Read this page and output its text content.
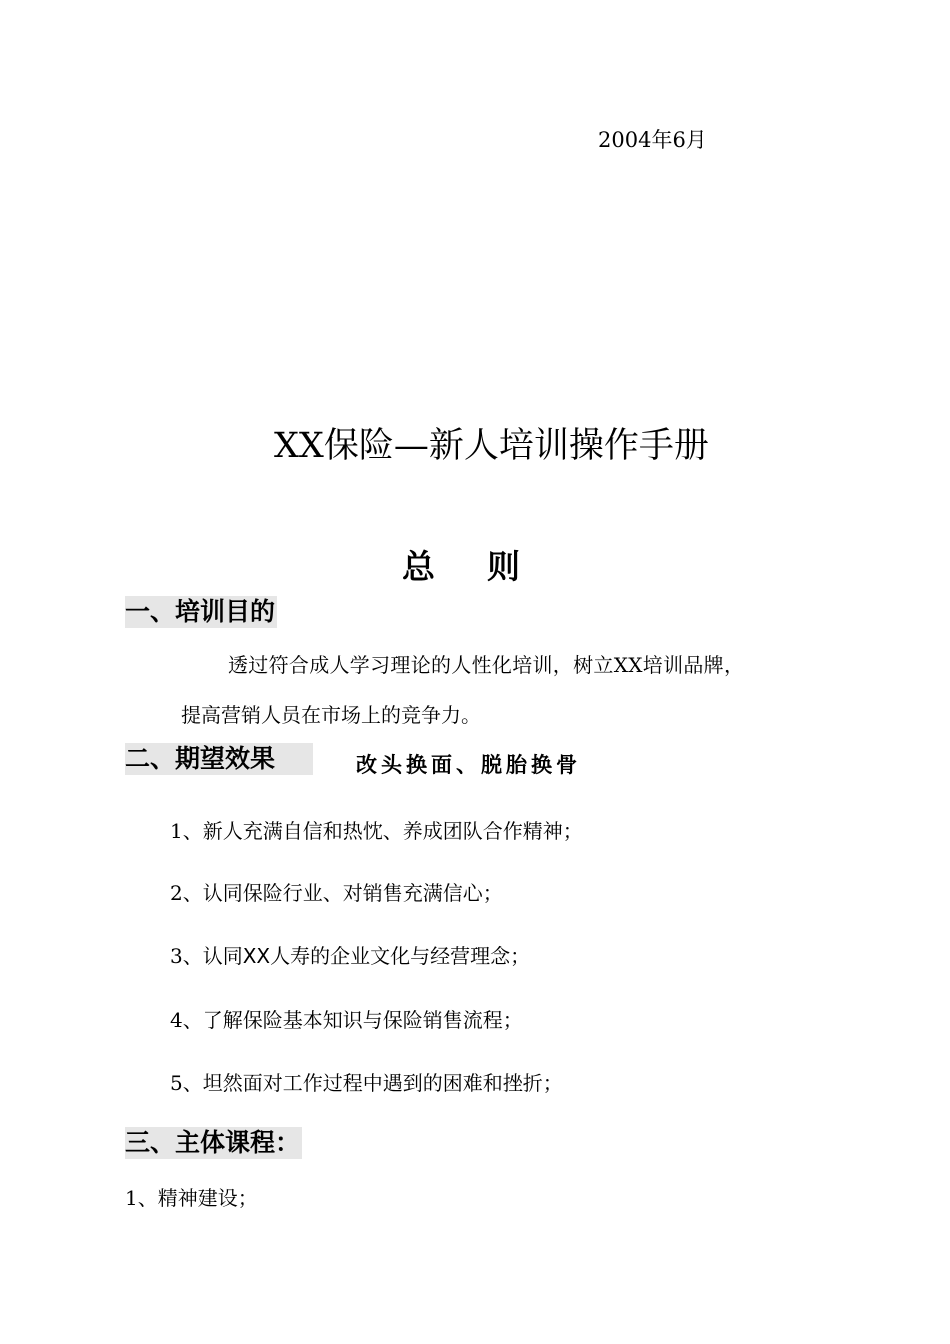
2004年6月
XX保险—新人培训操作手册
总则
一、培训目的
透过符合成人学习理论的人性化培训，树立XX培训品牌，
提高营销人员在市场上的竞争力。
二、期望效果	改头换面、脱胎换骨
1、新人充满自信和热忱、养成团队合作精神；
2、认同保险行业、对销售充满信心；
3、认同XX人寿的企业文化与经营理念；
4、了解保险基本知识与保险销售流程；
5、坦然面对工作过程中遇到的困难和挫折；
三、主体课程：
1、精神建设；
